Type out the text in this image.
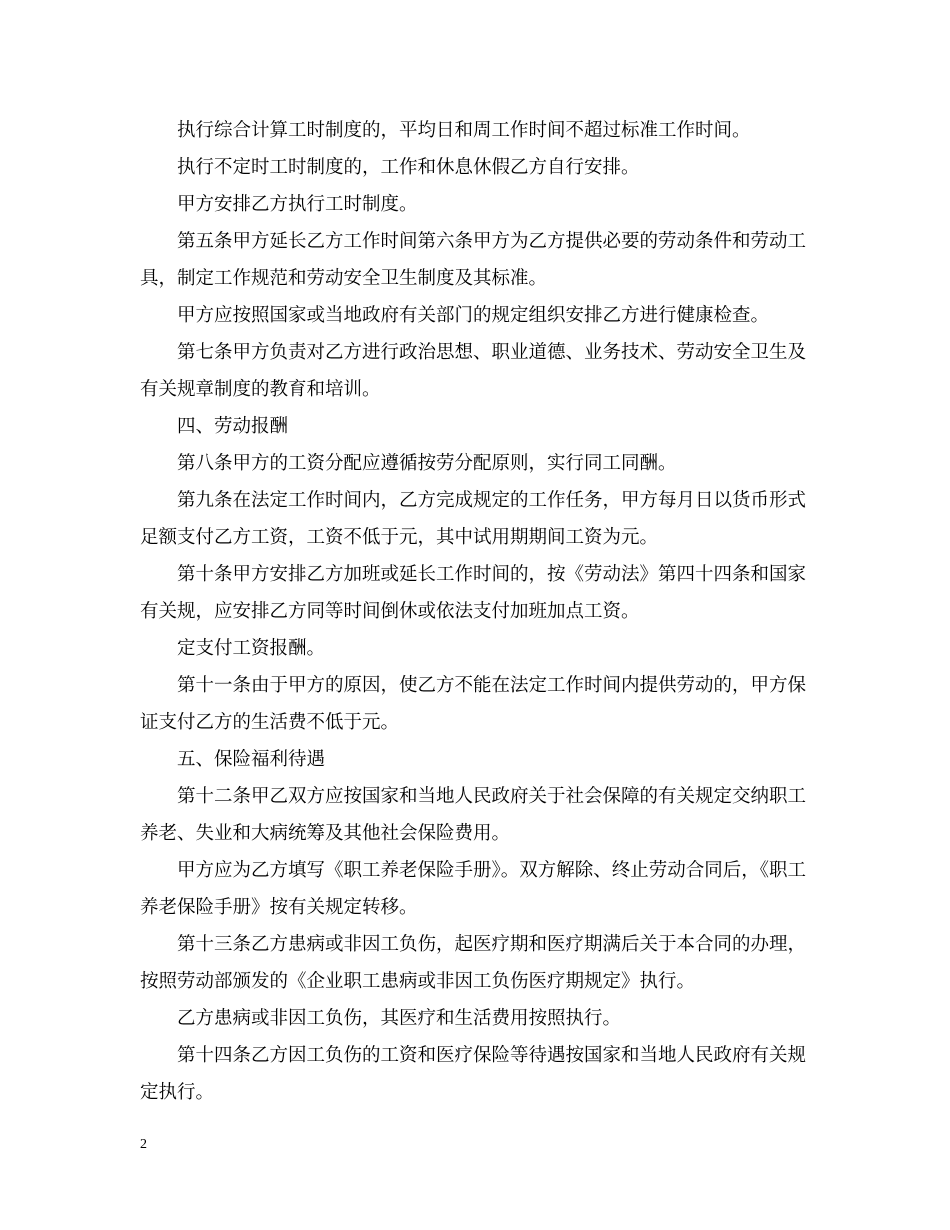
执行综合计算工时制度的，平均日和周工作时间不超过标准工作时间。

执行不定时工时制度的，工作和休息休假乙方自行安排。

甲方安排乙方执行工时制度。

第五条甲方延长乙方工作时间第六条甲方为乙方提供必要的劳动条件和劳动工具，制定工作规范和劳动安全卫生制度及其标准。

甲方应按照国家或当地政府有关部门的规定组织安排乙方进行健康检查。

第七条甲方负责对乙方进行政治思想、职业道德、业务技术、劳动安全卫生及有关规章制度的教育和培训。

四、劳动报酬

第八条甲方的工资分配应遵循按劳分配原则，实行同工同酬。

第九条在法定工作时间内，乙方完成规定的工作任务，甲方每月日以货币形式足额支付乙方工资，工资不低于元，其中试用期期间工资为元。

第十条甲方安排乙方加班或延长工作时间的，按《劳动法》第四十四条和国家有关规，应安排乙方同等时间倒休或依法支付加班加点工资。

定支付工资报酬。

第十一条由于甲方的原因，使乙方不能在法定工作时间内提供劳动的，甲方保证支付乙方的生活费不低于元。

五、保险福利待遇

第十二条甲乙双方应按国家和当地人民政府关于社会保障的有关规定交纳职工养老、失业和大病统筹及其他社会保险费用。

甲方应为乙方填写《职工养老保险手册》。双方解除、终止劳动合同后，《职工养老保险手册》按有关规定转移。

第十三条乙方患病或非因工负伤，起医疗期和医疗期满后关于本合同的办理，按照劳动部颁发的《企业职工患病或非因工负伤医疗期规定》执行。

乙方患病或非因工负伤，其医疗和生活费用按照执行。

第十四条乙方因工负伤的工资和医疗保险等待遇按国家和当地人民政府有关规定执行。

2
